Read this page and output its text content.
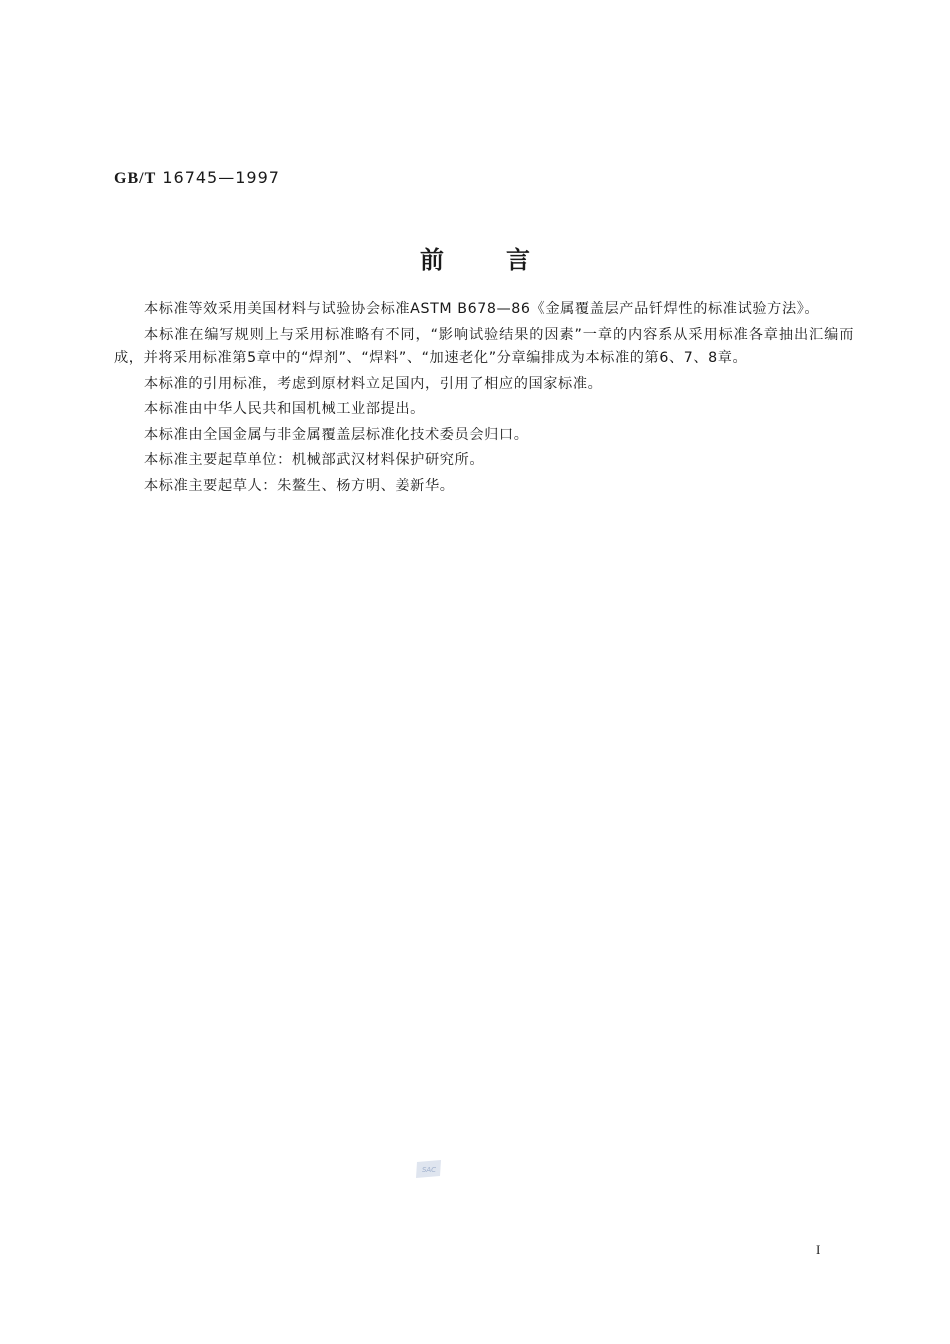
GB/T 16745—1997
前言

本标准等效采用美国材料与试验协会标准ASTM B678—86《金属覆盖层产品钎焊性的标准试验方法》。

本标准在编写规则上与采用标准略有不同，“影响试验结果的因素”一章的内容系从采用标准各章抽出汇编而成，并将采用标准第5章中的“焊剂”、“焊料”、“加速老化”分章编排成为本标准的第6、7、8章。

本标准的引用标准，考虑到原材料立足国内，引用了相应的国家标准。

本标准由中华人民共和国机械工业部提出。

本标准由全国金属与非金属覆盖层标准化技术委员会归口。

本标准主要起草单位：机械部武汉材料保护研究所。

本标准主要起草人：朱鳌生、杨方明、姜新华。

SAC
I
